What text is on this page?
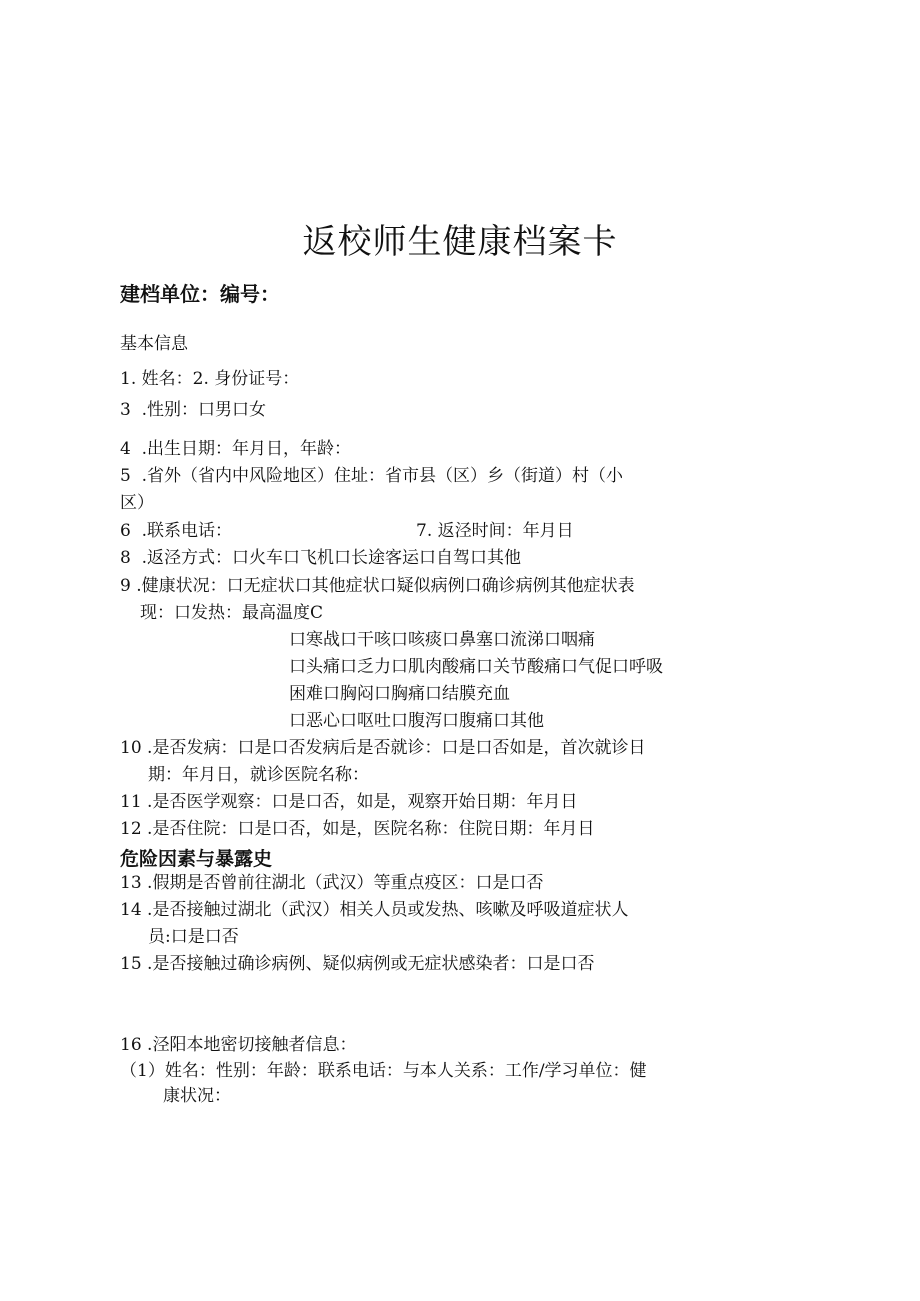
返校师生健康档案卡
建档单位：编号：
基本信息
1. 姓名：2. 身份证号：
3  .性别：口男口女
4  .出生日期：年月日，年龄：
5  .省外（省内中风险地区）住址：省市县（区）乡（街道）村（小
区）
6  .联系电话：	7. 返泾时间：年月日
8  .返泾方式：口火车口飞机口长途客运口自驾口其他
9 .健康状况：口无症状口其他症状口疑似病例口确诊病例其他症状表
现：口发热：最高温度C
口寒战口干咳口咳痰口鼻塞口流涕口咽痛
口头痛口乏力口肌肉酸痛口关节酸痛口气促口呼吸
困难口胸闷口胸痛口结膜充血
口恶心口呕吐口腹泻口腹痛口其他
10 .是否发病：口是口否发病后是否就诊：口是口否如是，首次就诊日
期：年月日，就诊医院名称：
11 .是否医学观察：口是口否，如是，观察开始日期：年月日
12 .是否住院：口是口否，如是，医院名称：住院日期：年月日
危险因素与暴露史
13 .假期是否曾前往湖北（武汉）等重点疫区：口是口否
14 .是否接触过湖北（武汉）相关人员或发热、咳嗽及呼吸道症状人
员:口是口否
15 .是否接触过确诊病例、疑似病例或无症状感染者：口是口否
16 .泾阳本地密切接触者信息：
（1）姓名：性别：年龄：联系电话：与本人关系：工作/学习单位：健
康状况：
